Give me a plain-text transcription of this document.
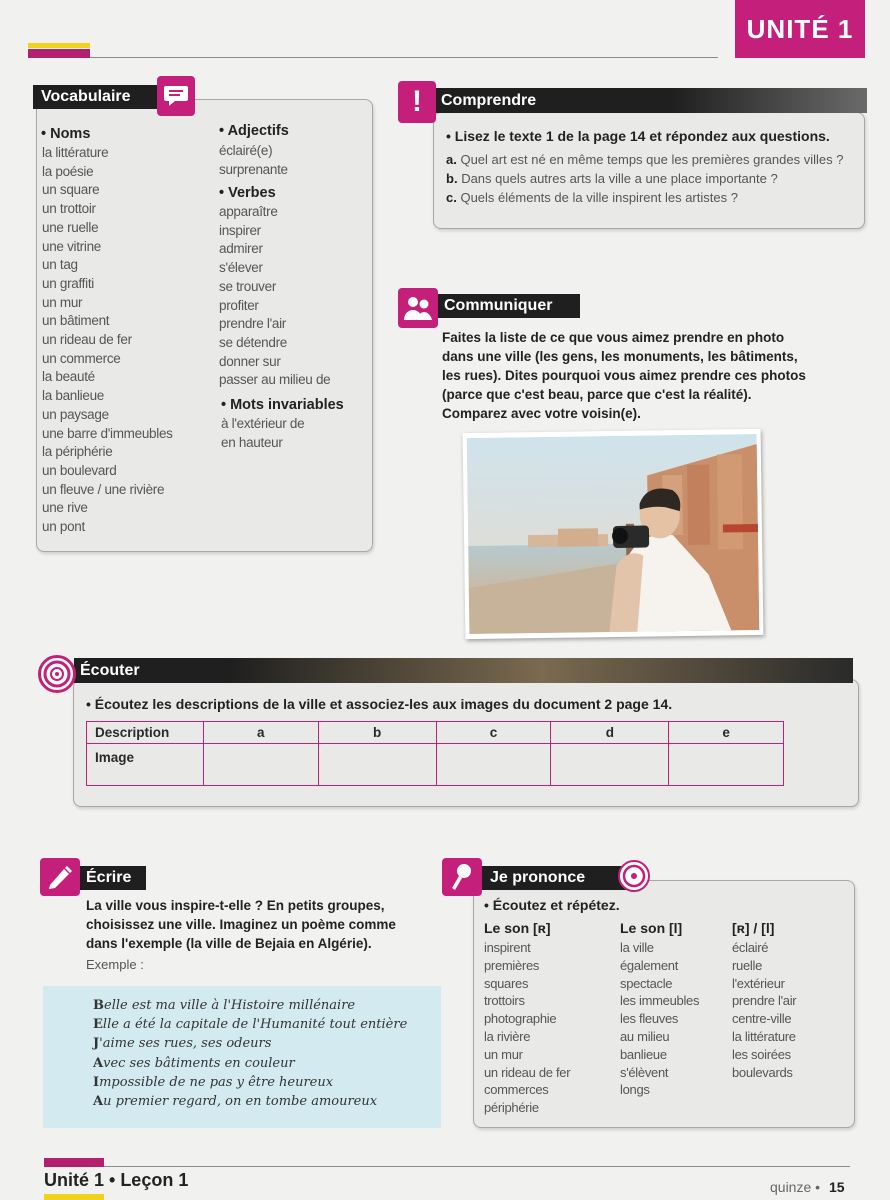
UNITÉ 1
Vocabulaire
• Noms
la littérature
la poésie
un square
un trottoir
une ruelle
une vitrine
un tag
un graffiti
un mur
un bâtiment
un rideau de fer
un commerce
la beauté
la banlieue
un paysage
une barre d'immeubles
la périphérie
un boulevard
un fleuve / une rivière
une rive
un pont
• Adjectifs
éclairé(e)
surprenante
• Verbes
apparaître
inspirer
admirer
s'élever
se trouver
profiter
prendre l'air
se détendre
donner sur
passer au milieu de
• Mots invariables
à l'extérieur de
en hauteur
Comprendre
!
• Lisez le texte 1 de la page 14 et répondez aux questions.
a. Quel art est né en même temps que les premières grandes villes ?
b. Dans quels autres arts la ville a une place importante ?
c. Quels éléments de la ville inspirent les artistes ?
Communiquer
Faites la liste de ce que vous aimez prendre en photo
dans une ville (les gens, les monuments, les bâtiments,
les rues). Dites pourquoi vous aimez prendre ces photos
(parce que c'est beau, parce que c'est la réalité).
Comparez avec votre voisin(e).
Écouter
• Écoutez les descriptions de la ville et associez-les aux images du document 2 page 14.
Description	a	b	c	d	e
Image					
Écrire
La ville vous inspire-t-elle ? En petits groupes,
choisissez une ville. Imaginez un poème comme
dans l'exemple (la ville de Bejaia en Algérie).
Exemple :
Belle est ma ville à l'Histoire millénaire
Elle a été la capitale de l'Humanité tout entière
J'aime ses rues, ses odeurs
Avec ses bâtiments en couleur
Impossible de ne pas y être heureux
Au premier regard, on en tombe amoureux
Je prononce
• Écoutez et répétez.
Le son [ʀ]
inspirent
premières
squares
trottoirs
photographie
la rivière
un mur
un rideau de fer
commerces
périphérie
Le son [l]
la ville
également
spectacle
les immeubles
les fleuves
au milieu
banlieue
s'élèvent
longs
[ʀ] / [l]
éclairé
ruelle
l'extérieur
prendre l'air
centre-ville
la littérature
les soirées
boulevards
Unité 1 • Leçon 1	quinze • 15
